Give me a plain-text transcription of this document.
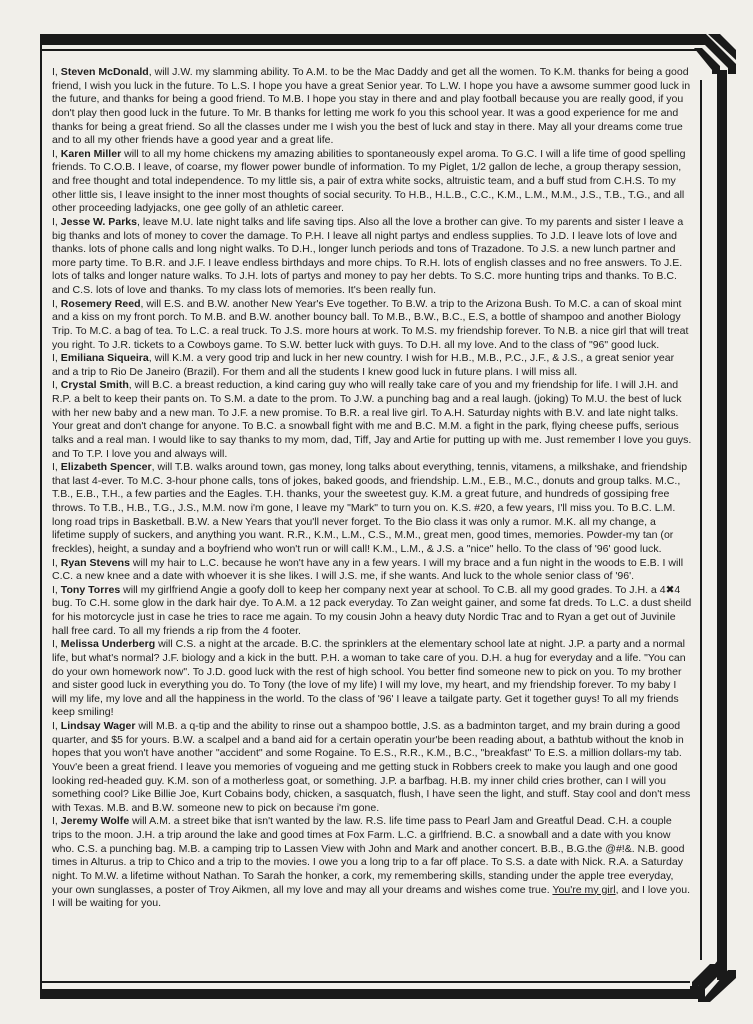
I, Steven McDonald, will J.W. my slamming ability. To A.M. to be the Mac Daddy and get all the women. To K.M. thanks for being a good friend, I wish you luck in the future. To L.S. I hope you have a great Senior year. To L.W. I hope you have a awsome summer good luck in the future, and thanks for being a good friend. To M.B. I hope you stay in there and and play football because you are really good, if you don't play then good luck in the future. To Mr. B thanks for letting me work fo you this school year. It was a good experience for me and thanks for being a great friend. So all the classes under me I wish you the best of luck and stay in there. May all your dreams come true and to all my other friends have a good year and a great life.

I, Karen Miller will to all my home chickens my amazing abilities to spontaneously expel aroma. To G.C. I will a life time of good spelling friends. To C.O.B. I leave, of coarse, my flower power bundle of information. To my Piglet, 1/2 gallon de leche, a group therapy session, and free thought and total independence. To my little sis, a pair of extra white socks, altruistic team, and a buff stud from C.H.S. To my other little sis, I leave insight to the inner most thoughts of social security. To H.B., H.L.B., C.C., K.M., L.M., M.M., J.S., T.B., T.G., and all other proceeding ladyjacks, one gee golly of an athletic career.

I, Jesse W. Parks, leave M.U. late night talks and life saving tips. Also all the love a brother can give. To my parents and sister I leave a big thanks and lots of money to cover the damage. To P.H. I leave all night partys and endless supplies. To J.D. I leave lots of love and thanks. lots of phone calls and long night walks. To D.H., longer lunch periods and tons of Trazadone. To J.S. a new lunch partner and more party time. To B.R. and J.F. I leave endless birthdays and more chips. To R.H. lots of english classes and no free answers. To J.E. lots of talks and longer nature walks. To J.H. lots of partys and money to pay her debts. To S.C. more hunting trips and thanks. To B.C. and C.S. lots of love and thanks. To my class lots of memories. It's been really fun.

I, Rosemery Reed, will E.S. and B.W. another New Year's Eve together. To B.W. a trip to the Arizona Bush. To M.C. a can of skoal mint and a kiss on my front porch. To M.B. and B.W. another bouncy ball. To M.B., B.W., B.C., E.S, a bottle of shampoo and another Biology Trip. To M.C. a bag of tea. To L.C. a real truck. To J.S. more hours at work. To M.S. my friendship forever. To N.B. a nice girl that will treat you right. To J.R. tickets to a Cowboys game. To S.W. better luck with guys. To D.H. all my love. And to the class of "96" good luck.

I, Emiliana Siqueira, will K.M. a very good trip and luck in her new country. I wish for H.B., M.B., P.C., J.F., & J.S., a great senior year and a trip to Rio De Janeiro (Brazil). For them and all the students I knew good luck in future plans. I will miss all.

I, Crystal Smith, will B.C. a breast reduction, a kind caring guy who will really take care of you and my friendship for life. I will J.H. and R.P. a belt to keep their pants on. To S.M. a date to the prom. To J.W. a punching bag and a real laugh. (joking) To M.U. the best of luck with her new baby and a new man. To J.F. a new promise. To B.R. a real live girl. To A.H. Saturday nights with B.V. and late night talks. Your great and don't change for anyone. To B.C. a snowball fight with me and B.C. M.M. a fight in the park, flying cheese puffs, serious talks and a real man. I would like to say thanks to my mom, dad, Tiff, Jay and Artie for putting up with me. Just remember I love you guys. and To T.P. I love you and always will.

I, Elizabeth Spencer, will T.B. walks around town, gas money, long talks about everything, tennis, vitamens, a milkshake, and friendship that last 4-ever. To M.C. 3-hour phone calls, tons of jokes, baked goods, and friendship. L.M., E.B., M.C., donuts and group talks. M.C., T.B., E.B., T.H., a few parties and the Eagles. T.H. thanks, your the sweetest guy. K.M. a great future, and hundreds of gossiping free throws. To T.B., H.B., T.G., J.S., M.M. now i'm gone, I leave my "Mark" to turn you on. K.S. #20, a few years, I'll miss you. To B.C. L.M. long road trips in Basketball. B.W. a New Years that you'll never forget. To the Bio class it was only a rumor. M.K. all my change, a lifetime supply of suckers, and anything you want. R.R., K.M., L.M., C.S., M.M., great men, good times, memories. Powder-my tan (or freckles), height, a sunday and a boyfriend who won't run or will call! K.M., L.M., & J.S. a "nice" hello. To the class of '96' good luck.

I, Ryan Stevens will my hair to L.C. because he won't have any in a few years. I will my brace and a fun night in the woods to E.B. I will C.C. a new knee and a date with whoever it is she likes. I will J.S. me, if she wants. And luck to the whole senior class of '96'.

I, Tony Torres will my girlfriend Angie a goofy doll to keep her company next year at school. To C.B. all my good grades. To J.H. a 4✖4 bug. To C.H. some glow in the dark hair dye. To A.M. a 12 pack everyday. To Zan weight gainer, and some fat dreds. To L.C. a dust sheild for his motorcycle just in case he tries to race me again. To my cousin John a heavy duty Nordic Trac and to Ryan a get out of Juvinile hall free card. To all my friends a rip from the 4 footer.

I, Melissa Underberg will C.S. a night at the arcade. B.C. the sprinklers at the elementary school late at night. J.P. a party and a normal life, but what's normal? J.F. biology and a kick in the butt. P.H. a woman to take care of you. D.H. a hug for everyday and a life. "You can do your own homework now". To J.D. good luck with the rest of high school. You better find someone new to pick on you. To my brother and sister good luck in everything you do. To Tony (the love of my life) I will my love, my heart, and my friendship forever. To my baby I will my life, my love and all the happiness in the world. To the class of '96' I leave a tailgate party. Get it together guys! To all my friends keep smiling!

I, Lindsay Wager will M.B. a q-tip and the ability to rinse out a shampoo bottle, J.S. as a badminton target, and my brain during a good quarter, and $5 for yours. B.W. a scalpel and a band aid for a certain operatin your'be been reading about, a bathtub without the knob in hopes that you won't have another "accident" and some Rogaine. To E.S., R.R., K.M., B.C., "breakfast" To E.S. a million dollars-my tab. Youv'e been a great friend. I leave you memories of vogueing and me getting stuck in Robbers creek to make you laugh and one good looking red-headed guy. K.M. son of a motherless goat, or something. J.P. a barfbag. H.B. my inner child cries brother, can I will you something cool? Like Billie Joe, Kurt Cobains body, chicken, a sasquatch, flush, I have seen the light, and stuff. Stay cool and don't mess with Texas. M.B. and B.W. someone new to pick on because i'm gone.

I, Jeremy Wolfe will A.M. a street bike that isn't wanted by the law. R.S. life time pass to Pearl Jam and Greatful Dead. C.H. a couple trips to the moon. J.H. a trip around the lake and good times at Fox Farm. L.C. a girlfriend. B.C. a snowball and a date with you know who. C.S. a punching bag. M.B. a camping trip to Lassen View with John and Mark and another concert. B.B., B.G.the @#!&. N.B. good times in Alturus. a trip to Chico and a trip to the movies. I owe you a long trip to a far off place. To S.S. a date with Nick. R.A. a Saturday night. To M.W. a lifetime without Nathan. To Sarah the honker, a cork, my remembering skills, standing under the apple tree everyday, your own sunglasses, a poster of Troy Aikmen, all my love and may all your dreams and wishes come true. You're my girl, and I love you. I will be waiting for you.
